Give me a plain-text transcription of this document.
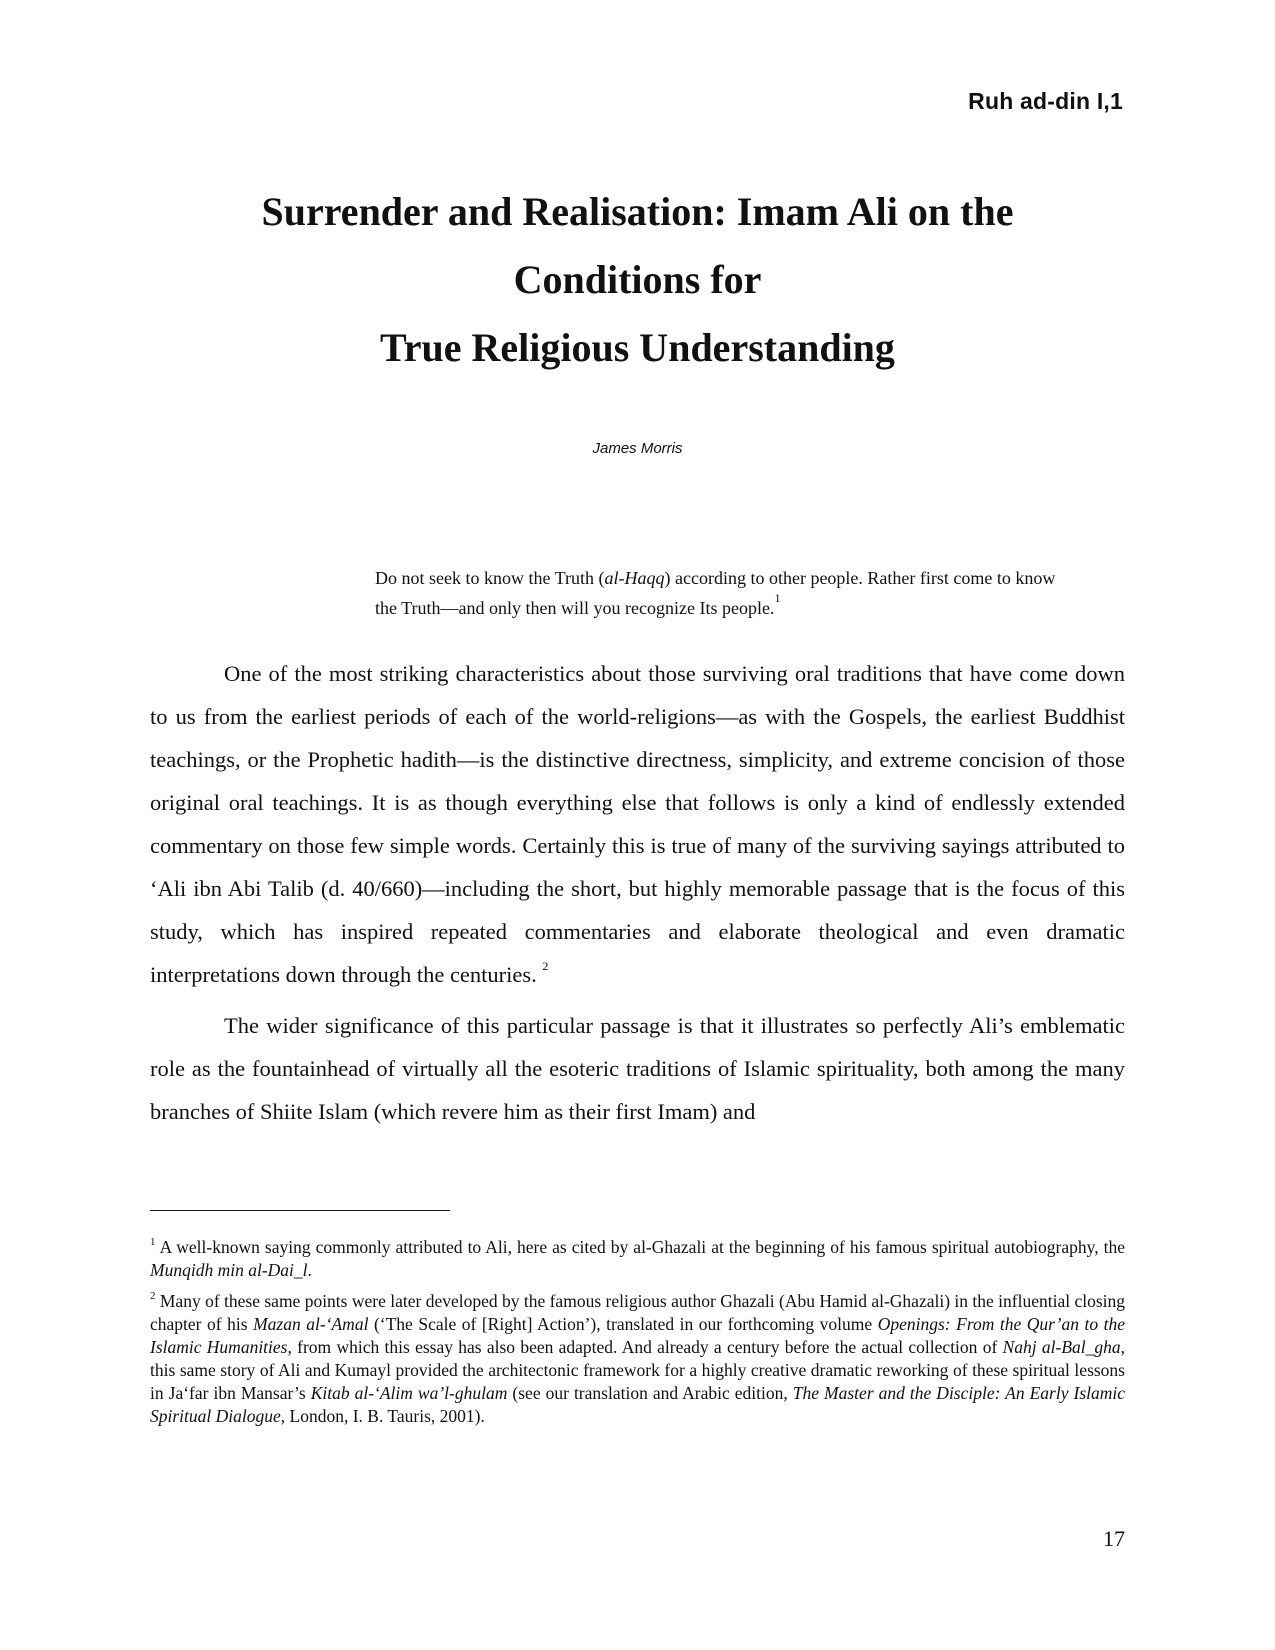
Ruh ad-din I,1
Surrender and Realisation: Imam Ali on the
Conditions for
True Religious Understanding
James Morris
Do not seek to know the Truth (al-Haqq) according to other people. Rather first come to know the Truth—and only then will you recognize Its people.$^1$

One of the most striking characteristics about those surviving oral traditions that have come down to us from the earliest periods of each of the world-religions—as with the Gospels, the earliest Buddhist teachings, or the Prophetic hadith—is the distinctive directness, simplicity, and extreme concision of those original oral teachings. It is as though everything else that follows is only a kind of endlessly extended commentary on those few simple words. Certainly this is true of many of the surviving sayings attributed to ‘Ali ibn Abi Talib (d. 40/660)—including the short, but highly memorable passage that is the focus of this study, which has inspired repeated commentaries and elaborate theological and even dramatic interpretations down through the centuries. $^2$

The wider significance of this particular passage is that it illustrates so perfectly Ali’s emblematic role as the fountainhead of virtually all the esoteric traditions of Islamic spirituality, both among the many branches of Shiite Islam (which revere him as their first Imam) and

$^1$ A well-known saying commonly attributed to Ali, here as cited by al-Ghazali at the beginning of his famous spiritual autobiography, the Munqidh min al-Dai_l.

$^2$ Many of these same points were later developed by the famous religious author Ghazali (Abu Hamid al-Ghazali) in the influential closing chapter of his Mazan al-‘Amal (‘The Scale of [Right] Action’), translated in our forthcoming volume Openings: From the Qur’an to the Islamic Humanities, from which this essay has also been adapted. And already a century before the actual collection of Nahj al-Bal_gha, this same story of Ali and Kumayl provided the architectonic framework for a highly creative dramatic reworking of these spiritual lessons in Ja‘far ibn Mansar’s Kitab al-‘Alim wa’l-ghulam (see our translation and Arabic edition, The Master and the Disciple: An Early Islamic Spiritual Dialogue, London, I. B. Tauris, 2001).

17
